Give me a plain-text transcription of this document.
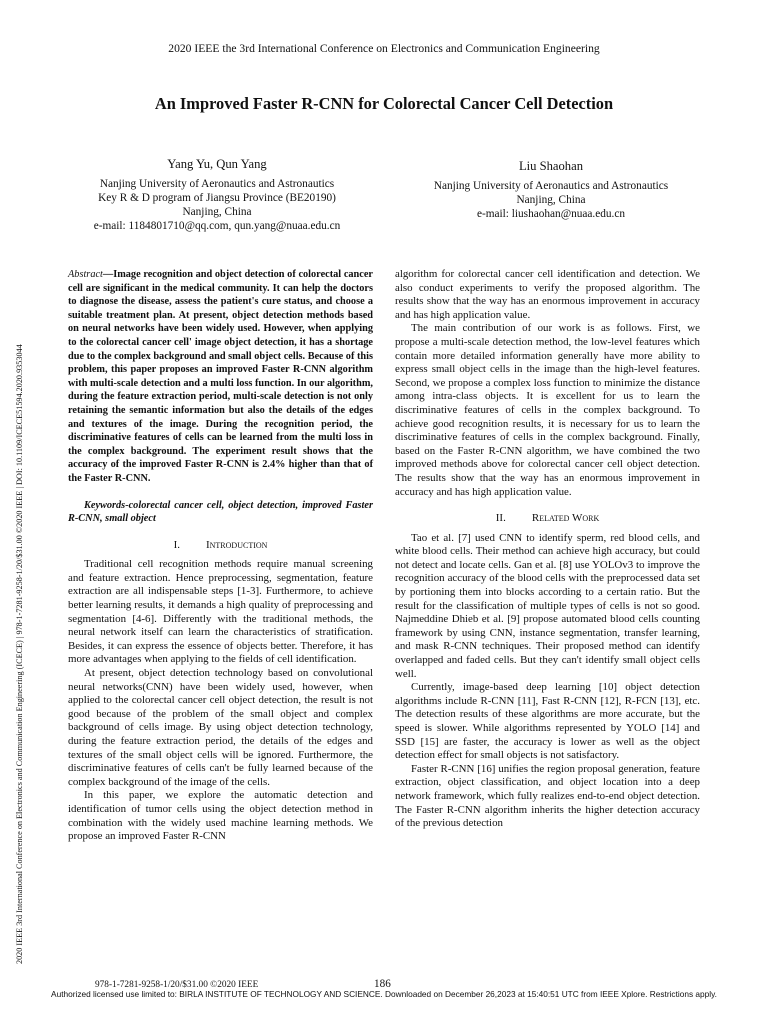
2020 IEEE the 3rd International Conference on Electronics and Communication Engineering
An Improved Faster R-CNN for Colorectal Cancer Cell Detection
2020 IEEE 3rd International Conference on Electronics and Communication Engineering (ICECE) | 978-1-7281-9258-1/20/$31.00 ©2020 IEEE | DOI: 10.1109/ICECE51594.2020.9353044
Yang Yu, Qun Yang
Nanjing University of Aeronautics and Astronautics
Key R & D program of Jiangsu Province (BE20190)
Nanjing, China
e-mail: 1184801710@qq.com, qun.yang@nuaa.edu.cn
Liu Shaohan
Nanjing University of Aeronautics and Astronautics
Nanjing, China
e-mail: liushaohan@nuaa.edu.cn

Abstract—Image recognition and object detection of colorectal cancer cell are significant in the medical community. It can help the doctors to diagnose the disease, assess the patient's cure status, and choose a suitable treatment plan. At present, object detection methods based on neural networks have been widely used. However, when applying to the colorectal cancer cell' image object detection, it has a shortage due to the complex background and small object cells. Because of this problem, this paper proposes an improved Faster R-CNN algorithm with multi-scale detection and a multi loss function. In our algorithm, during the feature extraction period, multi-scale detection is not only retaining the semantic information but also the details of the edges and textures of the image. During the recognition period, the discriminative features of cells can be learned from the multi loss in the complex background. The experiment result shows that the accuracy of the improved Faster R-CNN is 2.4% higher than that of the Faster R-CNN.

Keywords-colorectal cancer cell, object detection, improved Faster R-CNN, small object

I. Introduction

Traditional cell recognition methods require manual screening and feature extraction. Hence preprocessing, segmentation, feature extraction are all indispensable steps [1-3]. Furthermore, to achieve better learning results, it demands a high quality of preprocessing and segmentation [4-6]. Differently with the traditional methods, the neural network itself can learn the characteristics of stratification. Besides, it can express the essence of objects better. Therefore, it has more advantages when applying to the fields of cell identification.

At present, object detection technology based on convolutional neural networks(CNN) have been widely used, however, when applied to the colorectal cancer cell object detection, the result is not good because of the problem of the small object and complex background of cells image. By using object detection technology, during the feature extraction period, the details of the edges and textures of the small object cells will be ignored. Furthermore, the discriminative features of cells can't be fully learned because of the complex background of the image of the cells.

In this paper, we explore the automatic detection and identification of tumor cells using the object detection method in combination with the widely used machine learning methods. We propose an improved Faster R-CNN

algorithm for colorectal cancer cell identification and detection. We also conduct experiments to verify the proposed algorithm. The results show that the way has an enormous improvement in accuracy and has high application value.

The main contribution of our work is as follows. First, we propose a multi-scale detection method, the low-level features which contain more detailed information generally have more ability to express small object cells in the image than the high-level features. Second, we propose a complex loss function to minimize the distance among intra-class objects. It is excellent for us to learn the discriminative features of cells in the complex background. To achieve good recognition results, it is necessary for us to learn the discriminative features of cells in the complex background. Finally, based on the Faster R-CNN algorithm, we have combined the two improved methods above for colorectal cancer cell object detection. The results show that the way has an enormous improvement in accuracy and has high application value.

II. Related Work

Tao et al. [7] used CNN to identify sperm, red blood cells, and white blood cells. Their method can achieve high accuracy, but could not detect and locate cells. Gan et al. [8] use YOLOv3 to improve the recognition accuracy of the blood cells with the preprocessed data set by portioning them into blocks according to a certain ratio. But the result for the classification of multiple types of cells is not so good. Najmeddine Dhieb et al. [9] propose automated blood cells counting framework by using CNN, instance segmentation, transfer learning, and mask R-CNN techniques. Their proposed method can identify overlapped and faded cells. But they can't identify small object cells well.

Currently, image-based deep learning [10] object detection algorithms include R-CNN [11], Fast R-CNN [12], R-FCN [13], etc. The detection results of these algorithms are more accurate, but the speed is slower. While algorithms represented by YOLO [14] and SSD [15] are faster, the accuracy is lower as well as the object detection effect for small objects is not satisfactory.

Faster R-CNN [16] unifies the region proposal generation, feature extraction, object classification, and object location into a deep network framework, which fully realizes end-to-end object detection. The Faster R-CNN algorithm inherits the higher detection accuracy of the previous detection

978-1-7281-9258-1/20/$31.00 ©2020 IEEE	186
Authorized licensed use limited to: BIRLA INSTITUTE OF TECHNOLOGY AND SCIENCE. Downloaded on December 26,2023 at 15:40:51 UTC from IEEE Xplore. Restrictions apply.
